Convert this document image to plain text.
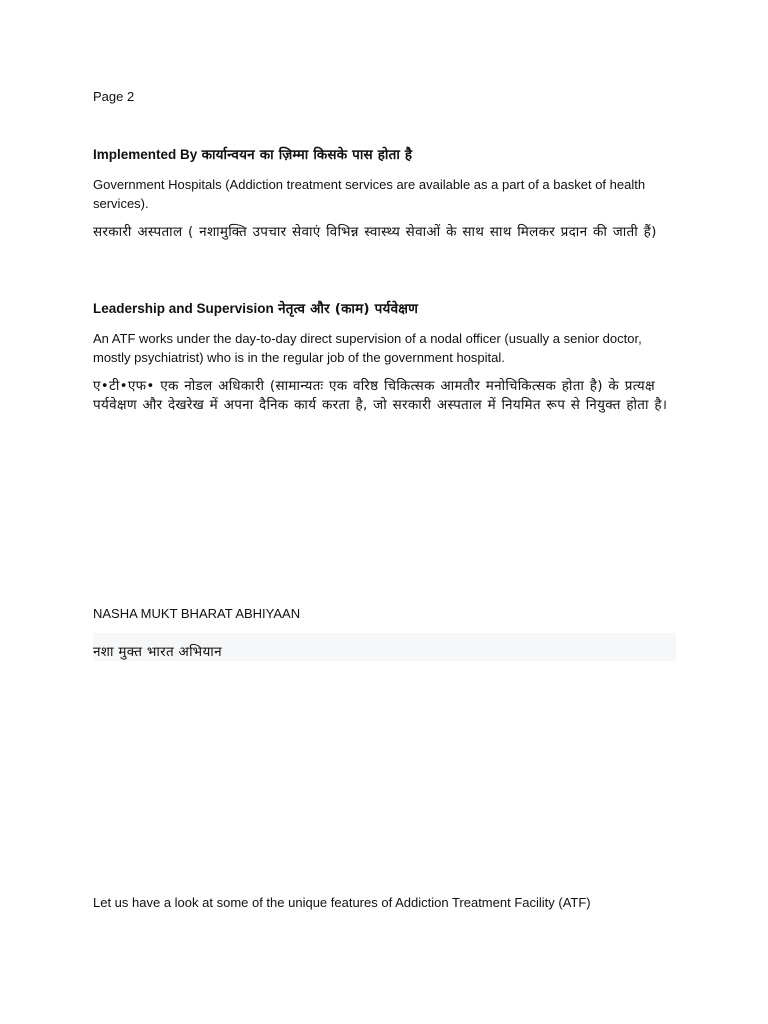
Page 2
Implemented By कार्यान्वयन का ज़िम्मा किसके पास होता है
Government Hospitals (Addiction treatment services are available as a part of a basket of health services).
सरकारी अस्पताल ( नशामुक्ति उपचार सेवाएं विभिन्न स्वास्थ्य सेवाओं के साथ साथ मिलकर प्रदान की जाती हैं)
Leadership and Supervision नेतृत्व और (काम) पर्यवेक्षण
An ATF works under the day-to-day direct supervision of a nodal officer (usually a senior doctor, mostly psychiatrist) who is in the regular job of the government hospital.
ए•टी•एफ• एक नोडल अधिकारी (सामान्यतः एक वरिष्ठ चिकित्सक आमतौर मनोचिकित्सक होता है) के प्रत्यक्ष पर्यवेक्षण और देखरेख में अपना दैनिक कार्य करता है, जो सरकारी अस्पताल में नियमित रूप से नियुक्त होता है।
NASHA MUKT BHARAT ABHIYAAN
नशा मुक्त भारत अभियान
Let us have a look at some of the unique features of Addiction Treatment Facility (ATF)
